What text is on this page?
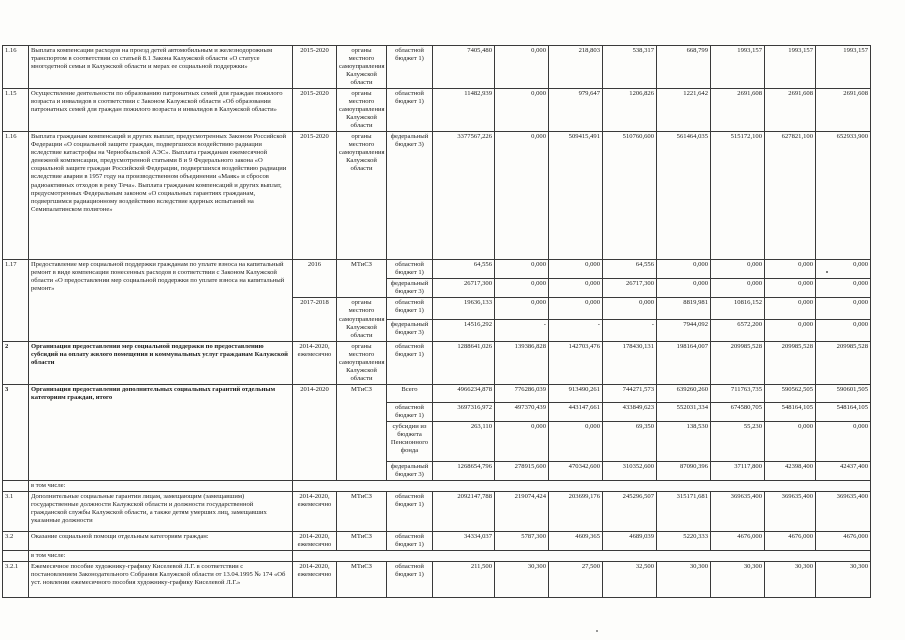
1.16	Выплата компенсации расходов на проезд детей автомобильным и железнодорожным транспортом в соответствии со статьей 8.1 Закона Калужской области «О статусе многодетной семьи в Калужской области и мерах ее социальной поддержки»	2015-2020	органы местного самоуправления Калужской области	областной бюджет 1)	7405,480	0,000	218,803	538,317	668,799	1993,157	1993,157	1993,157
1.15	Осуществление деятельности по образованию патронатных семей для граждан пожилого возраста и инвалидов в соответствии с Законом Калужской области «Об образовании патронатных семей для граждан пожилого возраста и инвалидов в Калужской области»	2015-2020	органы местного самоуправления Калужской области	областной бюджет 1)	11482,939	0,000	979,647	1206,826	1221,642	2691,608	2691,608	2691,608
1.16	Выплата гражданам компенсаций и других выплат, предусмотренных Законом Российской Федерации «О социальной защите граждан, подвергшихся воздействию радиации вследствие катастрофы на Чернобыльской АЭС». Выплата гражданам ежемесячной денежной компенсации, предусмотренной статьями 8 и 9 Федерального закона «О социальной защите граждан Российской Федерации, подвергшихся воздействию радиации вследствие аварии в 1957 году на производственном объединении «Маяк» и сбросов радиоактивных отходов в реку Теча». Выплата гражданам компенсаций и других выплат, предусмотренных Федеральным законом «О социальных гарантиях гражданам, подвергшимся радиационному воздействию вследствие ядерных испытаний на Семипалатинском полигоне»	2015-2020	органы местного самоуправления Калужской области	федеральный бюджет 3)	3377567,226	0,000	509415,491	510760,600	561464,035	515172,100	627821,100	652933,900
1.17	Предоставление мер социальной поддержки гражданам по уплате взноса на капитальный ремонт в виде компенсации понесенных расходов в соответствии с Законом Калужской области «О предоставлении мер социальной поддержки по уплате взноса на капитальный ремонт»	2016	МТиСЗ	областной бюджет 1)	64,556	0,000	0,000	64,556	0,000	0,000	0,000	0,000
				федеральный бюджет 3)	26717,300	0,000	0,000	26717,300	0,000	0,000	0,000	0,000
		2017-2018	органы местного самоуправления Калужской области	областной бюджет 1)	19636,133	0,000	0,000	0,000	8819,981	10816,152	0,000	0,000
				федеральный бюджет 3)	14516,292	-	-	-	7944,092	6572,200	0,000	0,000
2	Организация предоставления мер социальной поддержки по предоставлению субсидий на оплату жилого помещения и коммунальных услуг гражданам Калужской области	2014-2020, ежемесячно	органы местного самоуправления Калужской области	областной бюджет 1)	1288641,026	139386,828	142703,476	178430,131	198164,007	209985,528	209985,528	209985,528
3	Организация предоставления дополнительных социальных гарантий отдельным категориям граждан, итого	2014-2020	МТиСЗ	Всего	4966234,878	776286,039	913490,261	744271,573	639260,260	711763,735	590562,505	590601,505
				областной бюджет 1)	3697316,972	497370,439	443147,661	433849,623	552031,334	674580,705	548164,105	548164,105
				субсидии из бюджета Пенсионного фонда	263,110	0,000	0,000	69,350	138,530	55,230	0,000	0,000
				федеральный бюджет 3)	1268654,796	278915,600	470342,600	310352,600	87090,396	37117,800	42398,400	42437,400
	в том числе:											
3.1	Дополнительные социальные гарантии лицам, замещающим (замещавшим) государственные должности Калужской области и должности государственной гражданской службы Калужской области, а также детям умерших лиц, замещавших указанные должности	2014-2020, ежемесячно	МТиСЗ	областной бюджет 1)	2092147,788	219074,424	203699,176	245296,507	315171,681	369635,400	369635,400	369635,400
3.2	Оказание социальной помощи отдельным категориям граждан:	2014-2020, ежемесячно	МТиСЗ	областной бюджет 1)	34334,037	5787,300	4609,365	4689,039	5220,333	4676,000	4676,000	4676,000
	в том числе:											
3.2.1	Ежемесячное пособие художнику-графику Киселевой Л.Г. в соответствии с постановлением Законодательного Собрания Калужской области от 13.04.1995 № 174 «Об уст. новлении ежемесячного пособия художнику-графику Киселевой Л.Г.»	2014-2020, ежемесячно	МТиСЗ	областной бюджет 1)	211,500	30,300	27,500	32,500	30,300	30,300	30,300	30,300
